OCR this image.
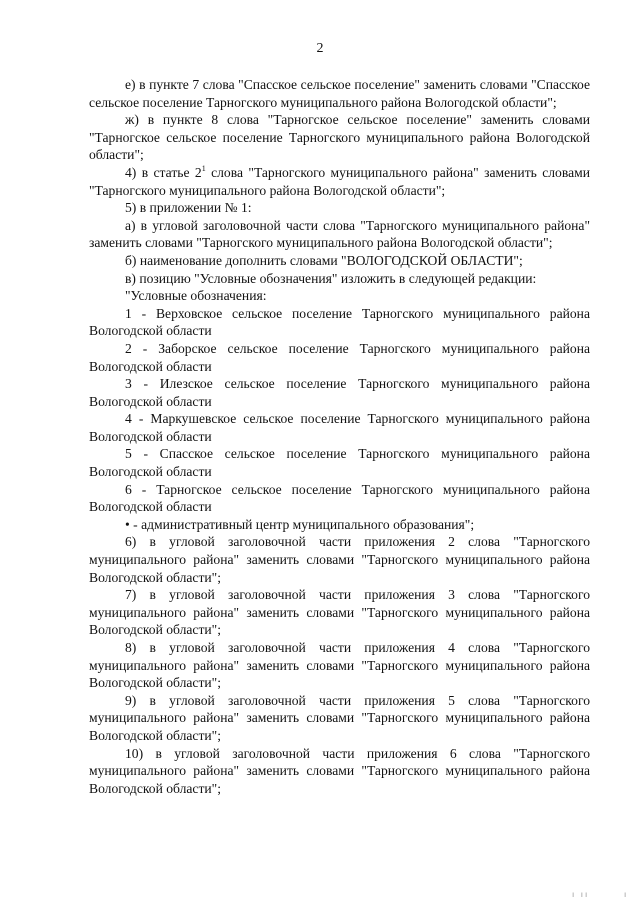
2

е) в пункте 7 слова "Спасское сельское поселение" заменить словами "Спасское сельское поселение Тарногского муниципального района Вологодской области";

ж) в пункте 8 слова "Тарногское сельское поселение" заменить словами "Тарногское сельское поселение Тарногского муниципального района Вологодской области";

4) в статье $2^1$ слова "Тарногского муниципального района" заменить словами "Тарногского муниципального района Вологодской области";

5) в приложении № 1:

а) в угловой заголовочной части слова "Тарногского муниципального района" заменить словами "Тарногского муниципального района Вологодской области";

б) наименование дополнить словами "ВОЛОГОДСКОЙ ОБЛАСТИ";

в) позицию "Условные обозначения" изложить в следующей редакции:

"Условные обозначения:

1 - Верховское сельское поселение Тарногского муниципального района Вологодской области

2 - Заборское сельское поселение Тарногского муниципального района Вологодской области

3 - Илезское сельское поселение Тарногского муниципального района Вологодской области

4 - Маркушевское сельское поселение Тарногского муниципального района Вологодской области

5 - Спасское сельское поселение Тарногского муниципального района Вологодской области

6 - Тарногское сельское поселение Тарногского муниципального района Вологодской области

• - административный центр муниципального образования";

6) в угловой заголовочной части приложения 2 слова "Тарногского муниципального района" заменить словами "Тарногского муниципального района Вологодской области";

7) в угловой заголовочной части приложения 3 слова "Тарногского муниципального района" заменить словами "Тарногского муниципального района Вологодской области";

8) в угловой заголовочной части приложения 4 слова "Тарногского муниципального района" заменить словами "Тарногского муниципального района Вологодской области";

9) в угловой заголовочной части приложения 5 слова "Тарногского муниципального района" заменить словами "Тарногского муниципального района Вологодской области";

10) в угловой заголовочной части приложения 6 слова "Тарногского муниципального района" заменить словами "Тарногского муниципального района Вологодской области";

ı ıı	ı
